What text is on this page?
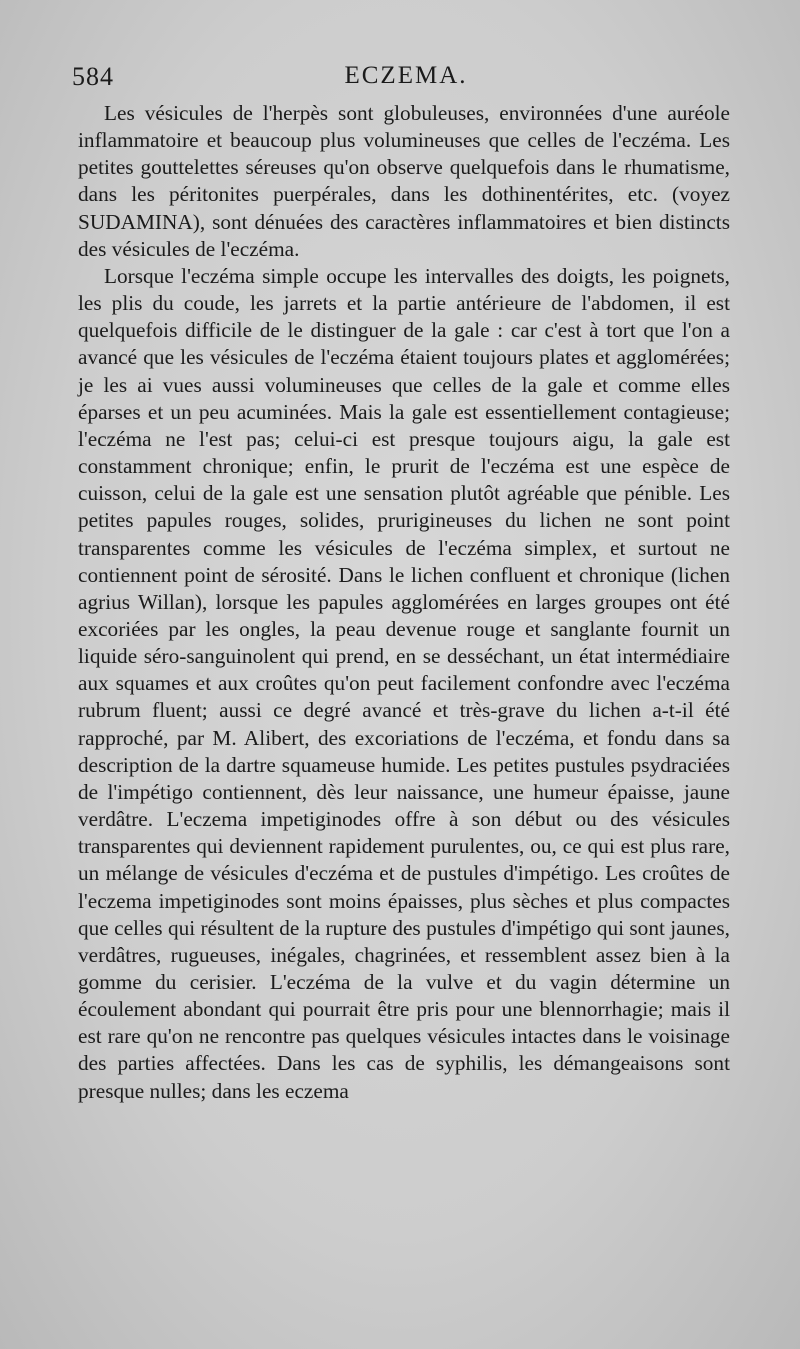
584	ECZEMA.

Les vésicules de l'herpès sont globuleuses, environnées d'une auréole inflammatoire et beaucoup plus volumineuses que celles de l'eczéma. Les petites gouttelettes séreuses qu'on observe quelquefois dans le rhumatisme, dans les péritonites puerpérales, dans les dothinentérites, etc. (voyez SUDAMINA), sont dénuées des caractères inflammatoires et bien distincts des vésicules de l'eczéma.

Lorsque l'eczéma simple occupe les intervalles des doigts, les poignets, les plis du coude, les jarrets et la partie antérieure de l'abdomen, il est quelquefois difficile de le distinguer de la gale : car c'est à tort que l'on a avancé que les vésicules de l'eczéma étaient toujours plates et agglomérées; je les ai vues aussi volumineuses que celles de la gale et comme elles éparses et un peu acuminées. Mais la gale est essentiellement contagieuse; l'eczéma ne l'est pas; celui-ci est presque toujours aigu, la gale est constamment chronique; enfin, le prurit de l'eczéma est une espèce de cuisson, celui de la gale est une sensation plutôt agréable que pénible. Les petites papules rouges, solides, prurigineuses du lichen ne sont point transparentes comme les vésicules de l'eczéma simplex, et surtout ne contiennent point de sérosité. Dans le lichen confluent et chronique (lichen agrius Willan), lorsque les papules agglomérées en larges groupes ont été excoriées par les ongles, la peau devenue rouge et sanglante fournit un liquide séro-sanguinolent qui prend, en se desséchant, un état intermédiaire aux squames et aux croûtes qu'on peut facilement confondre avec l'eczéma rubrum fluent; aussi ce degré avancé et très-grave du lichen a-t-il été rapproché, par M. Alibert, des excoriations de l'eczéma, et fondu dans sa description de la dartre squameuse humide. Les petites pustules psydraciées de l'impétigo contiennent, dès leur naissance, une humeur épaisse, jaune verdâtre. L'eczema impetiginodes offre à son début ou des vésicules transparentes qui deviennent rapidement purulentes, ou, ce qui est plus rare, un mélange de vésicules d'eczéma et de pustules d'impétigo. Les croûtes de l'eczema impetiginodes sont moins épaisses, plus sèches et plus compactes que celles qui résultent de la rupture des pustules d'impétigo qui sont jaunes, verdâtres, rugueuses, inégales, chagrinées, et ressemblent assez bien à la gomme du cerisier. L'eczéma de la vulve et du vagin détermine un écoulement abondant qui pourrait être pris pour une blennorrhagie; mais il est rare qu'on ne rencontre pas quelques vésicules intactes dans le voisinage des parties affectées. Dans les cas de syphilis, les démangeaisons sont presque nulles; dans les eczema
